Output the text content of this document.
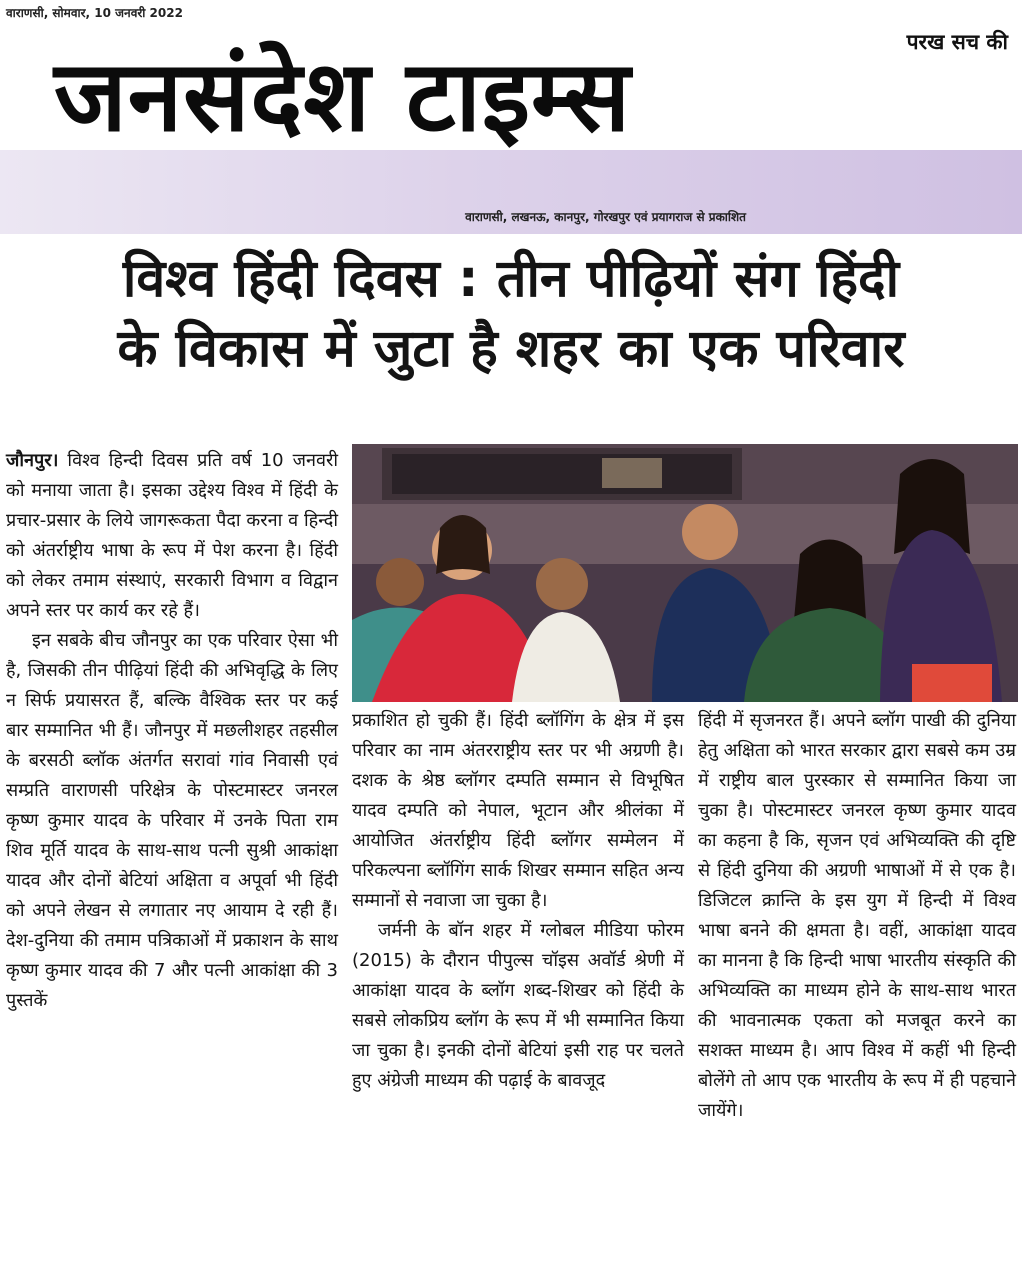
वाराणसी, सोमवार, 10 जनवरी 2022
परख सच की
जनसंदेश टाइम्स
वाराणसी, लखनऊ, कानपुर, गोरखपुर एवं प्रयागराज से प्रकाशित
विश्व हिंदी दिवस : तीन पीढ़ियों संग हिंदी
के विकास में जुटा है शहर का एक परिवार

जौनपुर। विश्व हिन्दी दिवस प्रति वर्ष 10 जनवरी को मनाया जाता है। इसका उद्देश्य विश्व में हिंदी के प्रचार-प्रसार के लिये जागरूकता पैदा करना व हिन्दी को अंतर्राष्ट्रीय भाषा के रूप में पेश करना है। हिंदी को लेकर तमाम संस्थाएं, सरकारी विभाग व विद्वान अपने स्तर पर कार्य कर रहे हैं।

इन सबके बीच जौनपुर का एक परिवार ऐसा भी है, जिसकी तीन पीढ़ियां हिंदी की अभिवृद्धि के लिए न सिर्फ प्रयासरत हैं, बल्कि वैश्विक स्तर पर कई बार सम्मानित भी हैं। जौनपुर में मछलीशहर तहसील के बरसठी ब्लॉक अंतर्गत सरावां गांव निवासी एवं सम्प्रति वाराणसी परिक्षेत्र के पोस्टमास्टर जनरल कृष्ण कुमार यादव के परिवार में उनके पिता राम शिव मूर्ति यादव के साथ-साथ पत्नी सुश्री आकांक्षा यादव और दोनों बेटियां अक्षिता व अपूर्वा भी हिंदी को अपने लेखन से लगातार नए आयाम दे रही हैं। देश-दुनिया की तमाम पत्रिकाओं में प्रकाशन के साथ कृष्ण कुमार यादव की 7 और पत्नी आकांक्षा की 3 पुस्तकें

प्रकाशित हो चुकी हैं। हिंदी ब्लॉगिंग के क्षेत्र में इस परिवार का नाम अंतरराष्ट्रीय स्तर पर भी अग्रणी है। दशक के श्रेष्ठ ब्लॉगर दम्पति सम्मान से विभूषित यादव दम्पति को नेपाल, भूटान और श्रीलंका में आयोजित अंतर्राष्ट्रीय हिंदी ब्लॉगर सम्मेलन में परिकल्पना ब्लॉगिंग सार्क शिखर सम्मान सहित अन्य सम्मानों से नवाजा जा चुका है।

जर्मनी के बॉन शहर में ग्लोबल मीडिया फोरम (2015) के दौरान पीपुल्स चॉइस अवॉर्ड श्रेणी में आकांक्षा यादव के ब्लॉग शब्द-शिखर को हिंदी के सबसे लोकप्रिय ब्लॉग के रूप में भी सम्मानित किया जा चुका है। इनकी दोनों बेटियां इसी राह पर चलते हुए अंग्रेजी माध्यम की पढ़ाई के बावजूद

हिंदी में सृजनरत हैं। अपने ब्लॉग पाखी की दुनिया हेतु अक्षिता को भारत सरकार द्वारा सबसे कम उम्र में राष्ट्रीय बाल पुरस्कार से सम्मानित किया जा चुका है। पोस्टमास्टर जनरल कृष्ण कुमार यादव का कहना है कि, सृजन एवं अभिव्यक्ति की दृष्टि से हिंदी दुनिया की अग्रणी भाषाओं में से एक है। डिजिटल क्रान्ति के इस युग में हिन्दी में विश्व भाषा बनने की क्षमता है। वहीं, आकांक्षा यादव का मानना है कि हिन्दी भाषा भारतीय संस्कृति की अभिव्यक्ति का माध्यम होने के साथ-साथ भारत की भावनात्मक एकता को मजबूत करने का सशक्त माध्यम है। आप विश्व में कहीं भी हिन्दी बोलेंगे तो आप एक भारतीय के रूप में ही पहचाने जायेंगे।
